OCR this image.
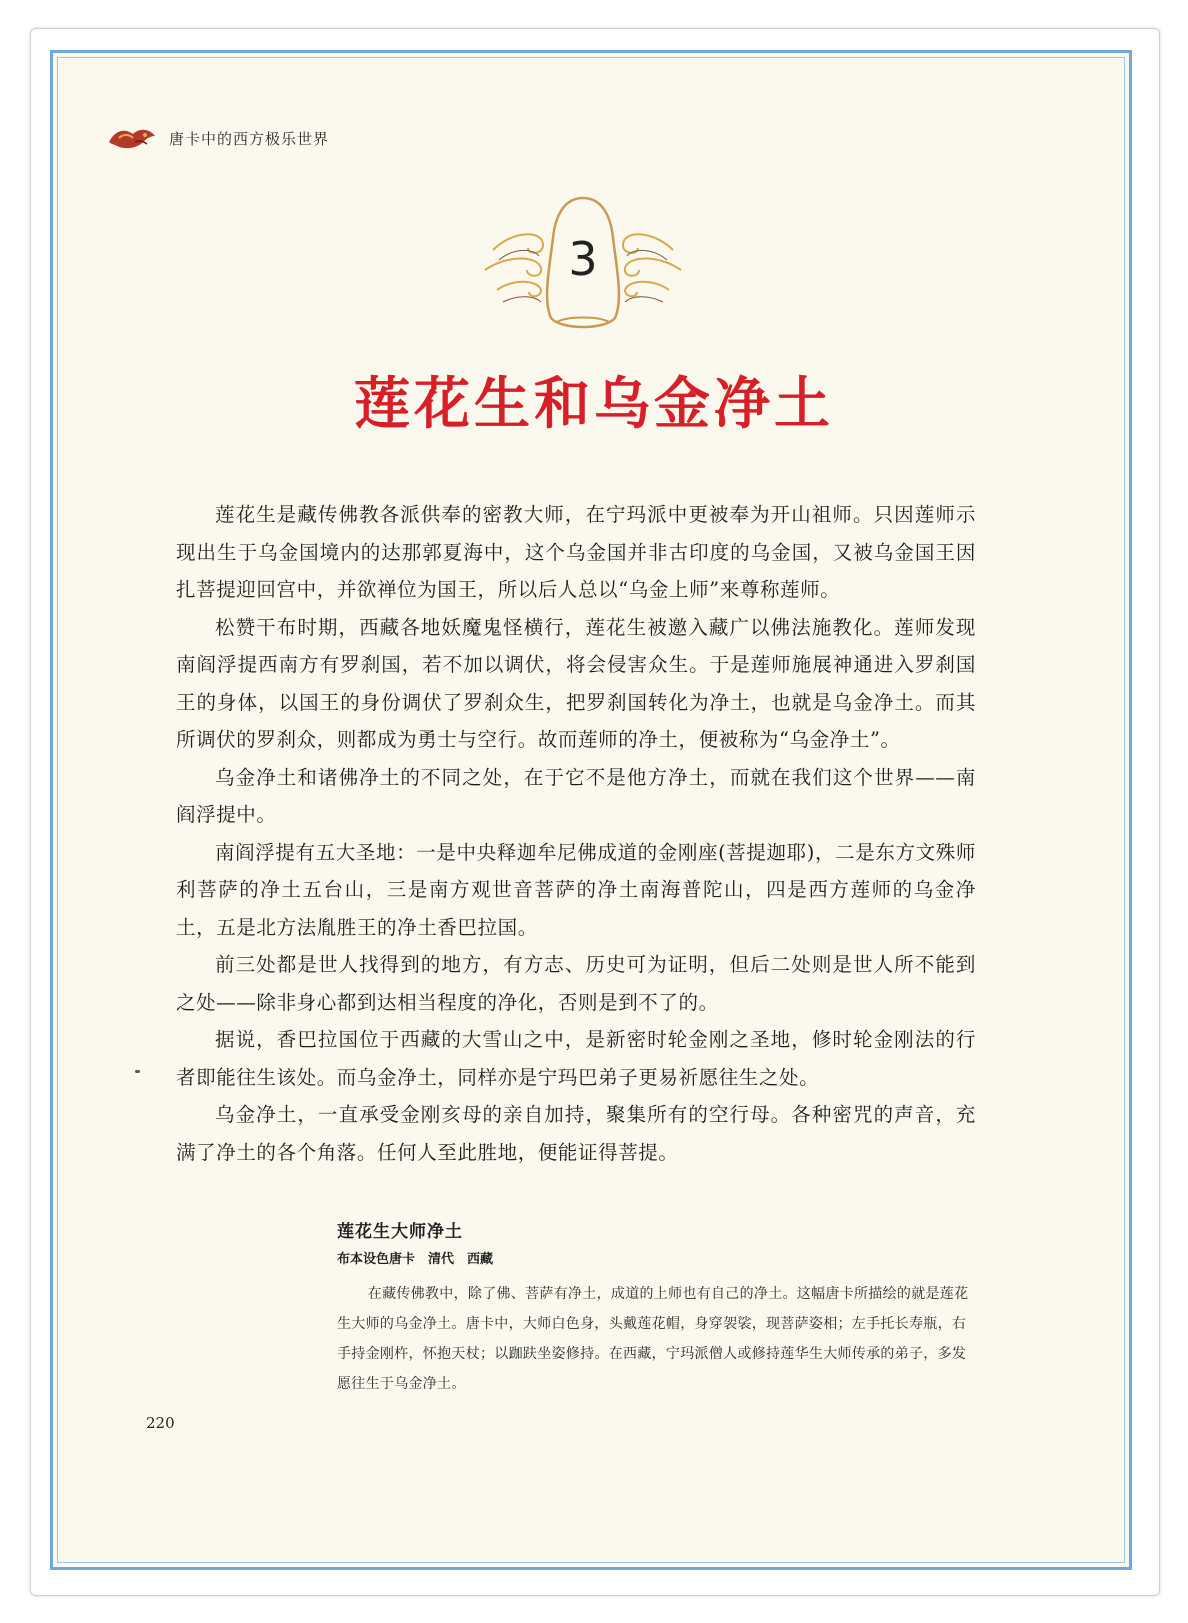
唐卡中的西方极乐世界
3
莲花生和乌金净土

莲花生是藏传佛教各派供奉的密教大师，在宁玛派中更被奉为开山祖师。只因莲师示现出生于乌金国境内的达那郭夏海中，这个乌金国并非古印度的乌金国，又被乌金国王因扎菩提迎回宫中，并欲禅位为国王，所以后人总以“乌金上师”来尊称莲师。

松赞干布时期，西藏各地妖魔鬼怪横行，莲花生被邀入藏广以佛法施教化。莲师发现南阎浮提西南方有罗刹国，若不加以调伏，将会侵害众生。于是莲师施展神通进入罗刹国王的身体，以国王的身份调伏了罗刹众生，把罗刹国转化为净土，也就是乌金净土。而其所调伏的罗刹众，则都成为勇士与空行。故而莲师的净土，便被称为“乌金净土”。

乌金净土和诸佛净土的不同之处，在于它不是他方净土，而就在我们这个世界——南阎浮提中。

南阎浮提有五大圣地：一是中央释迦牟尼佛成道的金刚座(菩提迦耶)，二是东方文殊师利菩萨的净土五台山，三是南方观世音菩萨的净土南海普陀山，四是西方莲师的乌金净土，五是北方法胤胜王的净土香巴拉国。

前三处都是世人找得到的地方，有方志、历史可为证明，但后二处则是世人所不能到之处——除非身心都到达相当程度的净化，否则是到不了的。

据说，香巴拉国位于西藏的大雪山之中，是新密时轮金刚之圣地，修时轮金刚法的行者即能往生该处。而乌金净土，同样亦是宁玛巴弟子更易祈愿往生之处。

乌金净土，一直承受金刚亥母的亲自加持，聚集所有的空行母。各种密咒的声音，充满了净土的各个角落。任何人至此胜地，便能证得菩提。

莲花生大师净土

布本设色唐卡　清代　西藏

在藏传佛教中，除了佛、菩萨有净土，成道的上师也有自己的净土。这幅唐卡所描绘的就是莲花生大师的乌金净土。唐卡中，大师白色身，头戴莲花帽，身穿袈裟，现菩萨姿相；左手托长寿瓶，右手持金刚杵，怀抱天杖；以跏趺坐姿修持。在西藏，宁玛派僧人或修持莲华生大师传承的弟子，多发愿往生于乌金净土。

220
